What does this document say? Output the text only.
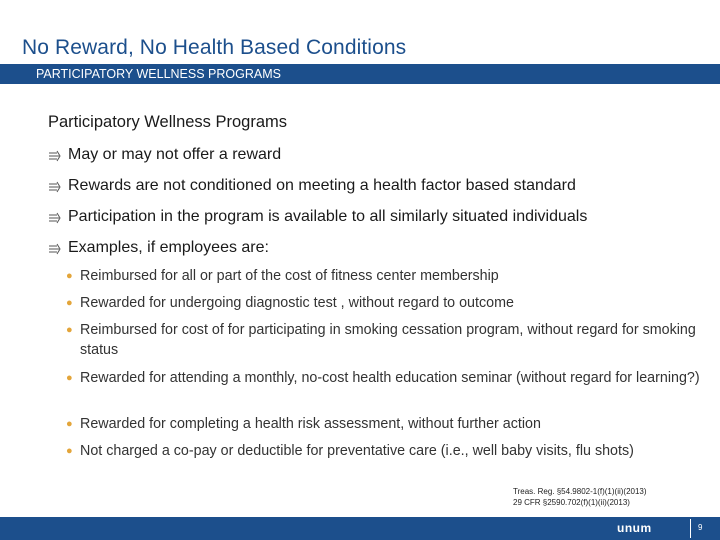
No Reward, No Health Based Conditions
PARTICIPATORY WELLNESS PROGRAMS
Participatory Wellness Programs
May or may not offer a reward
Rewards are not conditioned on meeting a health factor based standard
Participation in the program is available to all similarly situated individuals
Examples, if employees are:
● Reimbursed for all or part of the cost of fitness center membership
● Rewarded for undergoing diagnostic test , without regard to outcome
● Reimbursed for cost of for participating in smoking cessation program, without regard for smoking status
● Rewarded for attending a monthly, no-cost health education seminar (without regard for learning?)
● Rewarded for completing a health risk assessment, without further action
● Not charged a co-pay or deductible for preventative care (i.e., well baby visits, flu shots)
Treas. Reg. §54.9802-1(f)(1)(ii)(2013)
29 CFR §2590.702(f)(1)(ii)(2013)
unum	9
